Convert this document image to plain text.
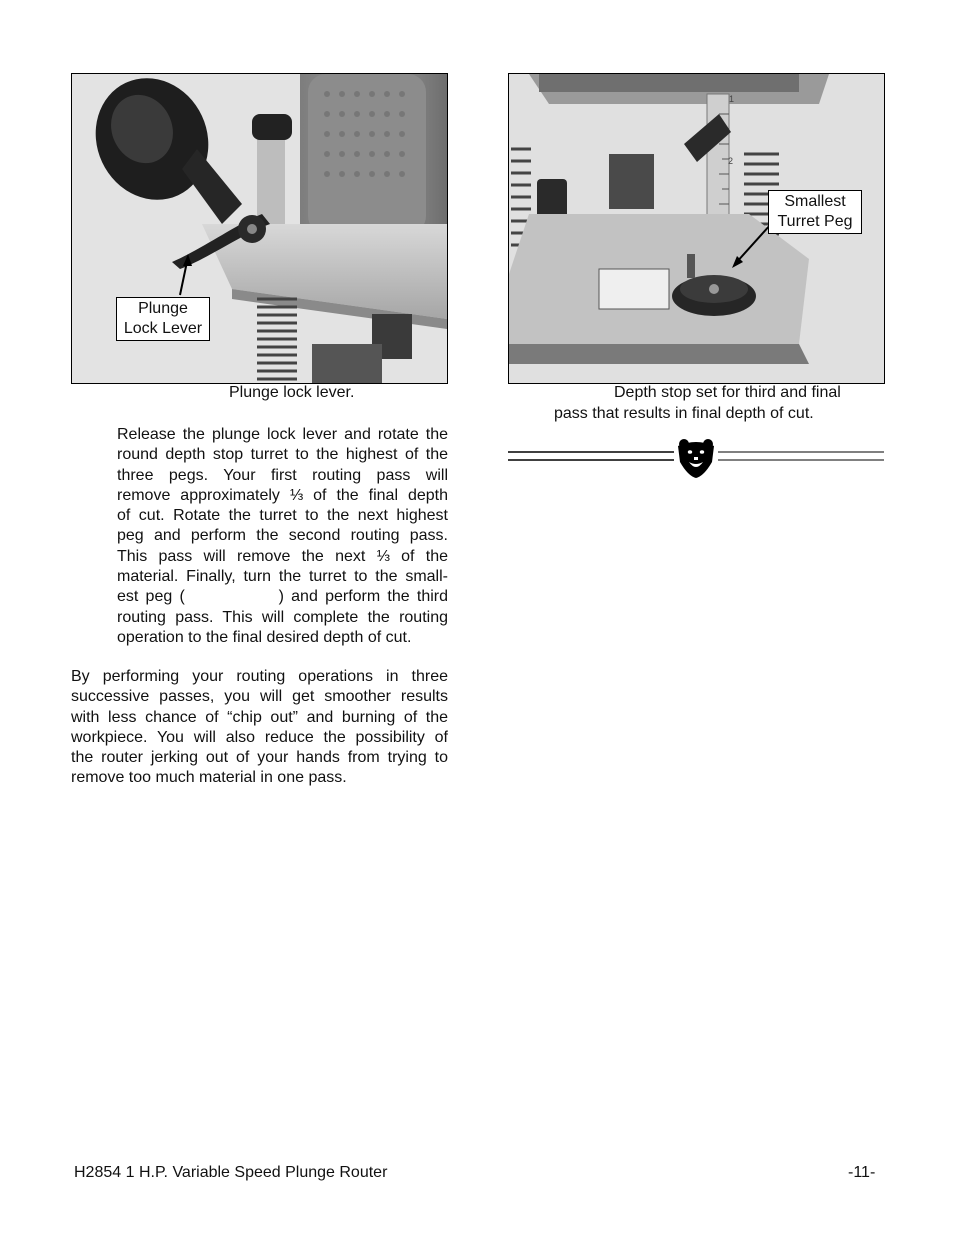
Plunge
Lock Lever
Plunge lock lever.
1
2
Smallest
Turret Peg
Depth stop set for third and final
pass that results in final depth of cut.
Release the plunge lock lever and rotate the
round depth stop turret to the highest of the
three pegs. Your first routing pass will
remove approximately ⅓ of the final depth
of cut. Rotate the turret to the next highest
peg and perform the second routing pass.
This pass will remove the next ⅓ of the
material. Finally, turn the turret to the small-
est peg (             ) and perform the third
routing pass. This will complete the routing
operation to the final desired depth of cut.
By performing your routing operations in three
successive passes, you will get smoother results
with less chance of “chip out” and burning of the
workpiece. You will also reduce the possibility of
the router jerking out of your hands from trying to
remove too much material in one pass.
H2854 1 H.P. Variable Speed Plunge Router	-11-
